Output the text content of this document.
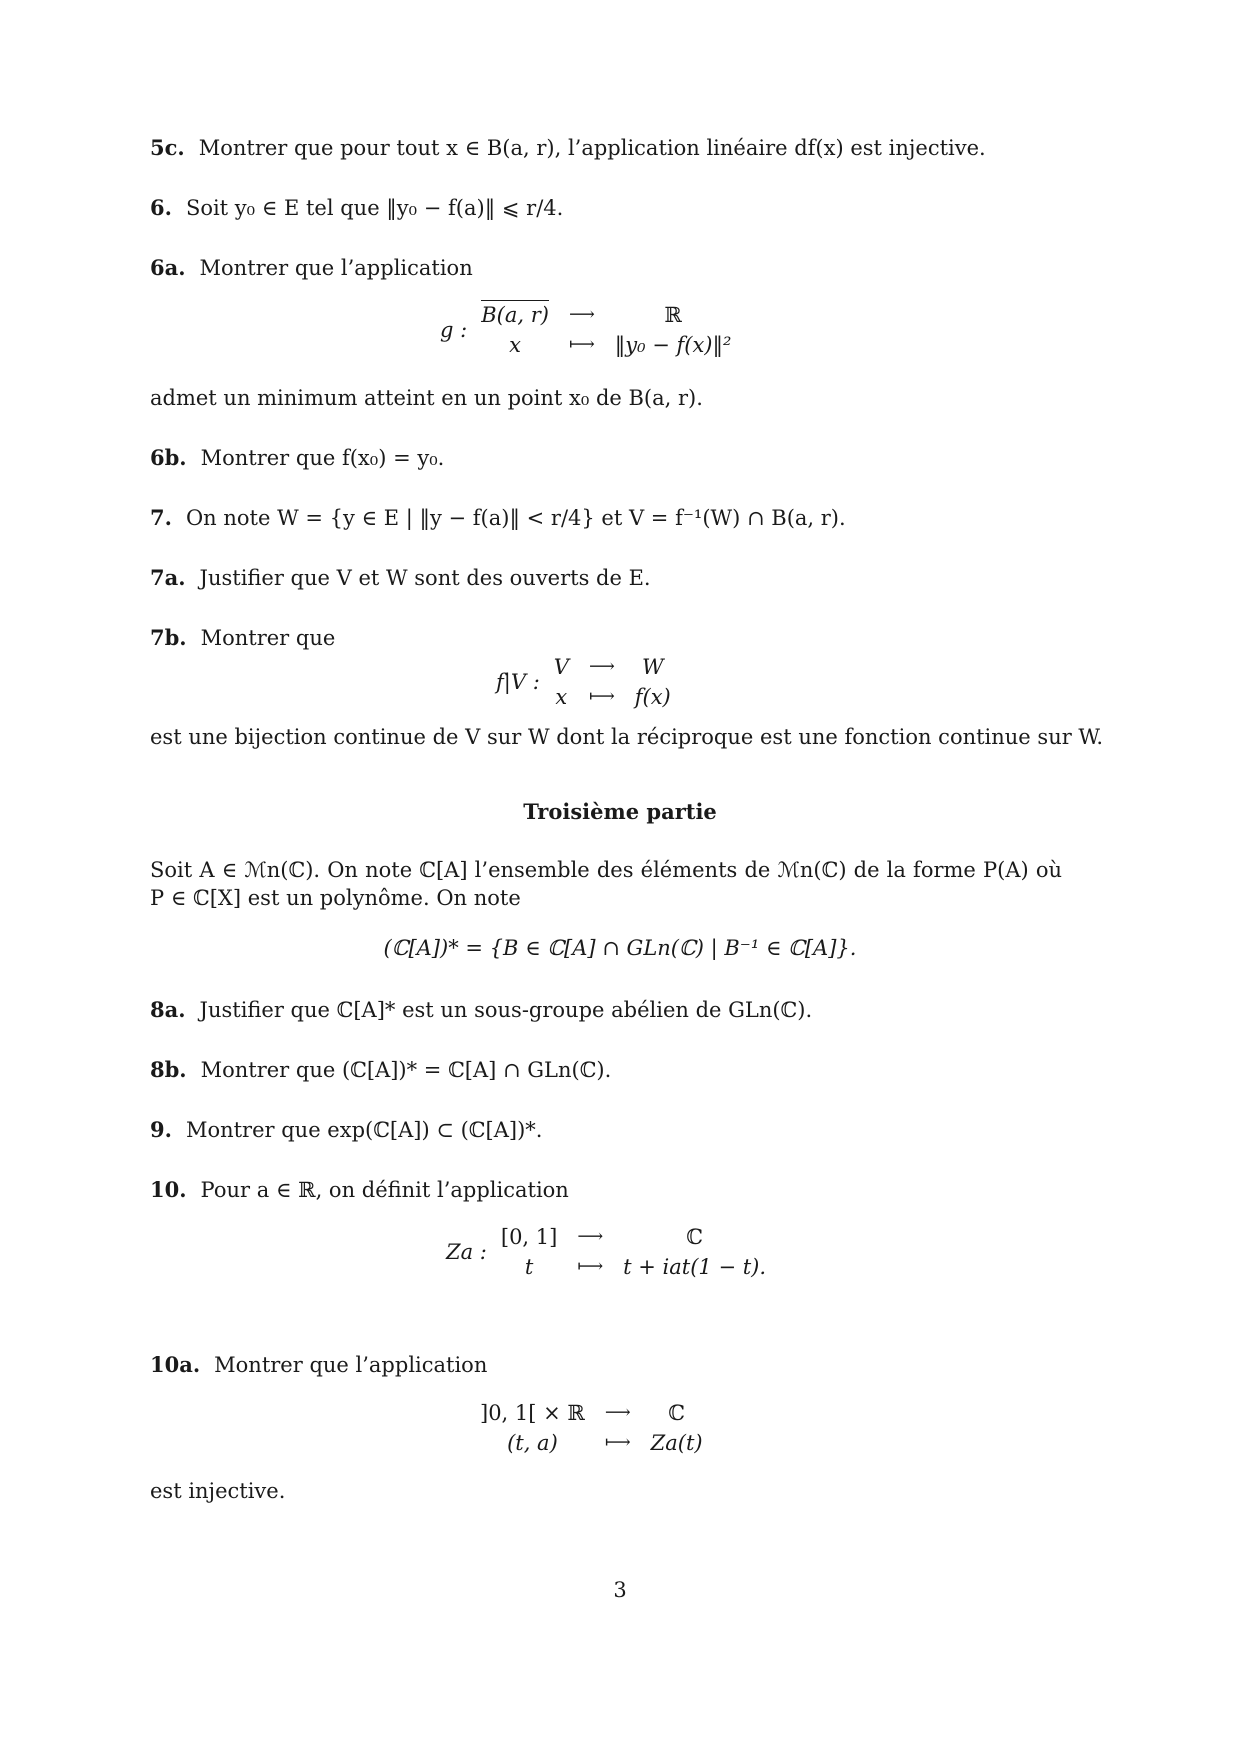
5c. Montrer que pour tout x ∈ B(a, r), l’application linéaire df(x) est injective.
6. Soit y₀ ∈ E tel que ‖y₀ − f(a)‖ ⩽ r/4.
6a. Montrer que l’application
g :	B(a, r)	⟶	ℝ
	x	⟼	‖y₀ − f(x)‖²
admet un minimum atteint en un point x₀ de B(a, r).
6b. Montrer que f(x₀) = y₀.
7. On note W = {y ∈ E | ‖y − f(a)‖ < r/4} et V = f⁻¹(W) ∩ B(a, r).
7a. Justifier que V et W sont des ouverts de E.
7b. Montrer que
f|V :	V	⟶	W
	x	⟼	f(x)
est une bijection continue de V sur W dont la réciproque est une fonction continue sur W.
Troisième partie
Soit A ∈ ℳn(ℂ). On note ℂ[A] l’ensemble des éléments de ℳn(ℂ) de la forme P(A) où
P ∈ ℂ[X] est un polynôme. On note
(ℂ[A])* = {B ∈ ℂ[A] ∩ GLn(ℂ) | B⁻¹ ∈ ℂ[A]}.
8a. Justifier que ℂ[A]* est un sous-groupe abélien de GLn(ℂ).
8b. Montrer que (ℂ[A])* = ℂ[A] ∩ GLn(ℂ).
9. Montrer que exp(ℂ[A]) ⊂ (ℂ[A])*.
10. Pour a ∈ ℝ, on définit l’application
Za :	[0, 1]	⟶	ℂ
	t	⟼	t + iat(1 − t).
10a. Montrer que l’application
]0, 1[ × ℝ	⟶	ℂ
(t, a)	⟼	Za(t)
est injective.
3
